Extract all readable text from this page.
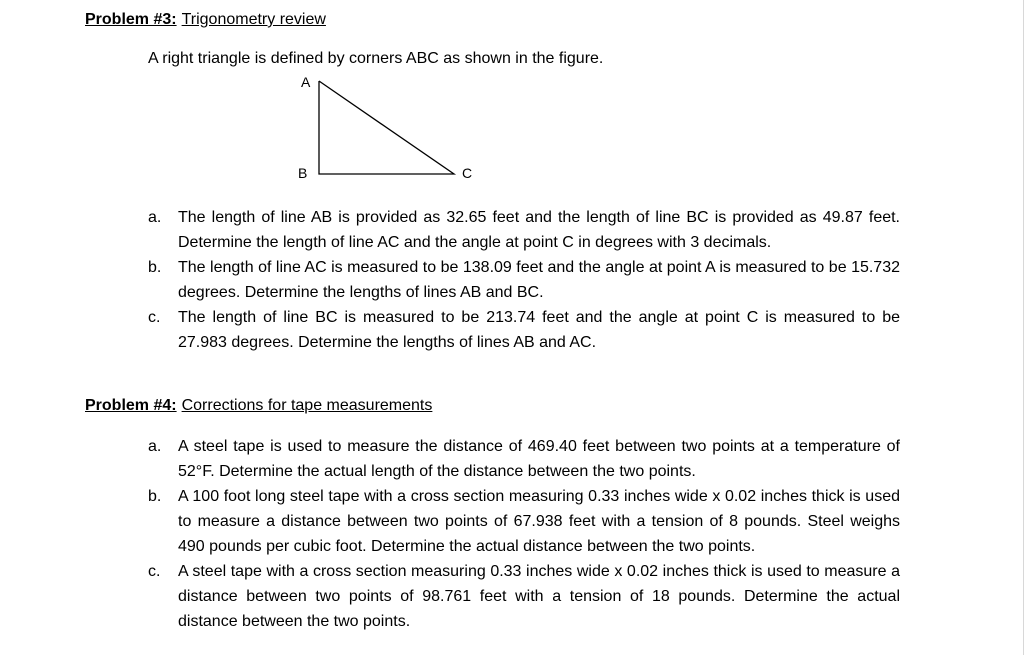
Problem #3: Trigonometry review
A right triangle is defined by corners ABC as shown in the figure.
A
B	C
a. The length of line AB is provided as 32.65 feet and the length of line BC is provided as 49.87 feet. Determine the length of line AC and the angle at point C in degrees with 3 decimals.
b. The length of line AC is measured to be 138.09 feet and the angle at point A is measured to be 15.732 degrees. Determine the lengths of lines AB and BC.
c. The length of line BC is measured to be 213.74 feet and the angle at point C is measured to be 27.983 degrees. Determine the lengths of lines AB and AC.
Problem #4: Corrections for tape measurements
a. A steel tape is used to measure the distance of 469.40 feet between two points at a temperature of 52°F. Determine the actual length of the distance between the two points.
b. A 100 foot long steel tape with a cross section measuring 0.33 inches wide x 0.02 inches thick is used to measure a distance between two points of 67.938 feet with a tension of 8 pounds. Steel weighs 490 pounds per cubic foot. Determine the actual distance between the two points.
c. A steel tape with a cross section measuring 0.33 inches wide x 0.02 inches thick is used to measure a distance between two points of 98.761 feet with a tension of 18 pounds. Determine the actual distance between the two points.
